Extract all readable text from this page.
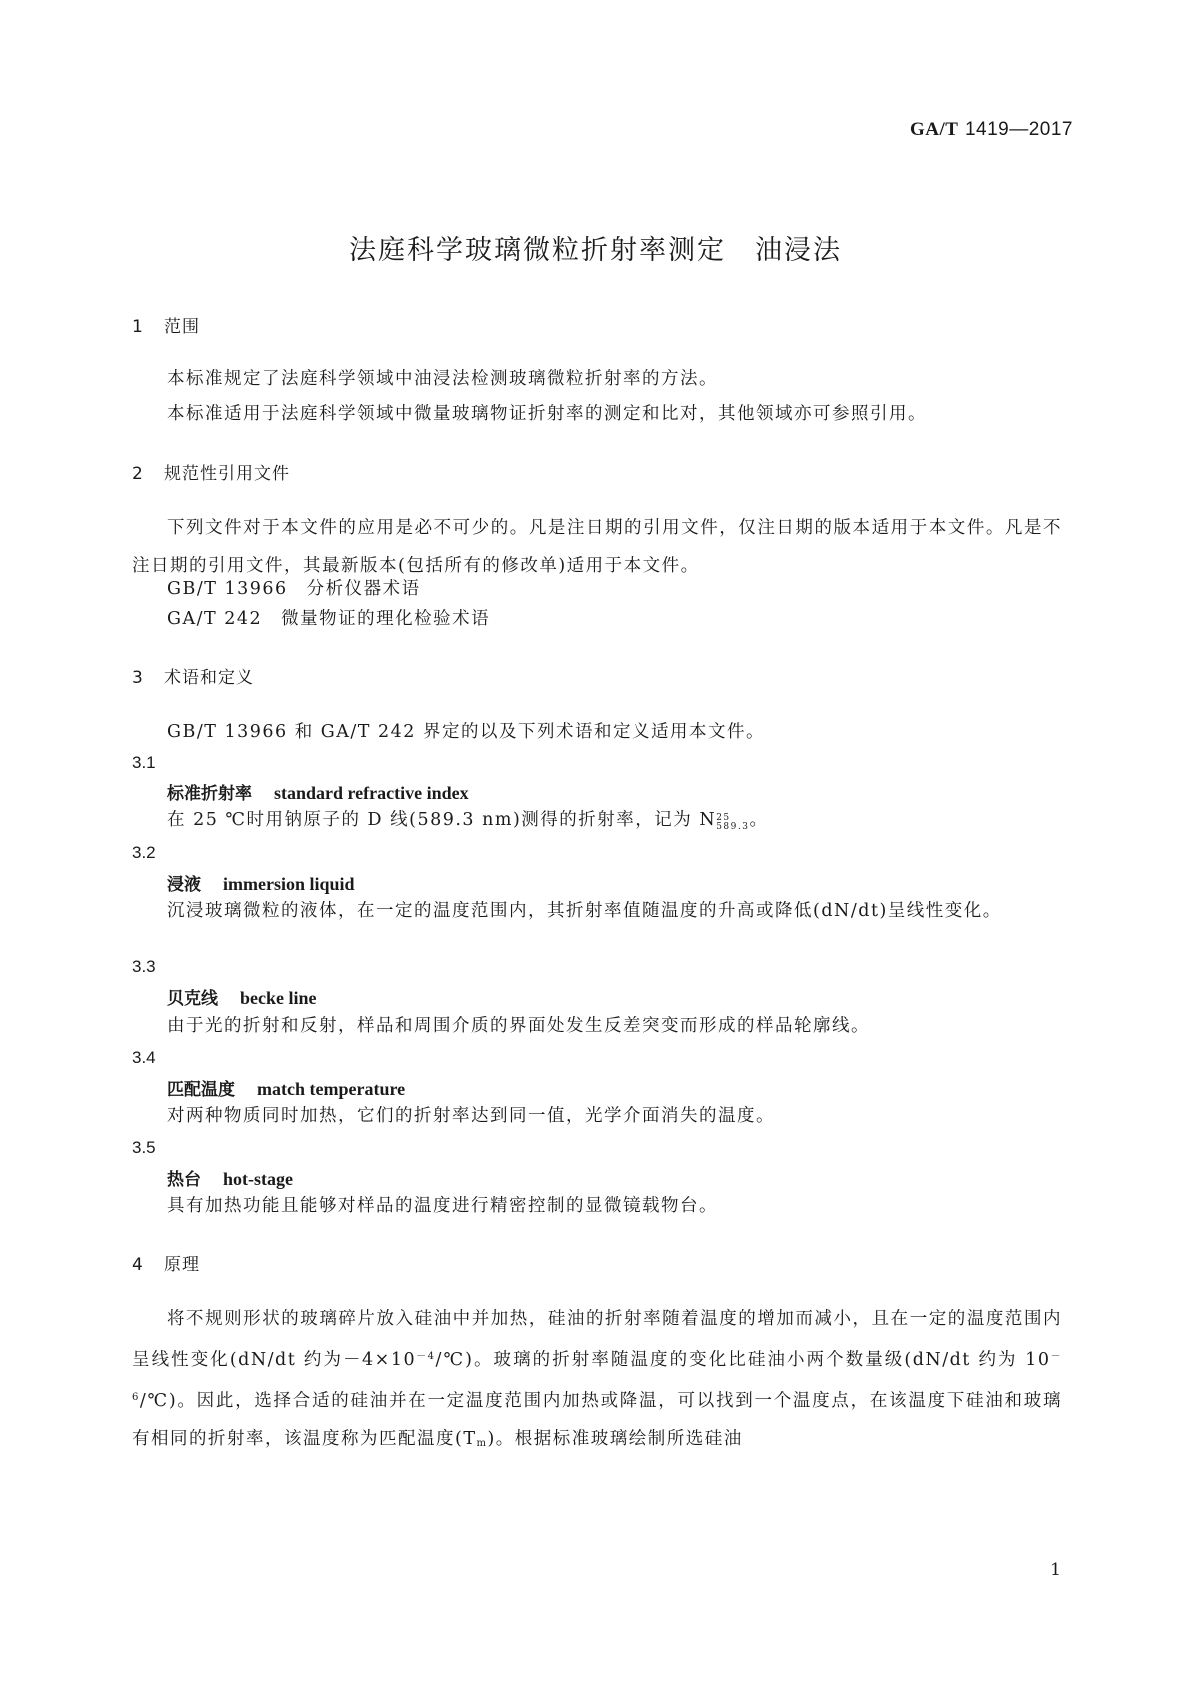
GA/T 1419—2017
法庭科学玻璃微粒折射率测定　油浸法
1 范围
本标准规定了法庭科学领域中油浸法检测玻璃微粒折射率的方法。
本标准适用于法庭科学领域中微量玻璃物证折射率的测定和比对，其他领域亦可参照引用。
2 规范性引用文件
下列文件对于本文件的应用是必不可少的。凡是注日期的引用文件，仅注日期的版本适用于本文件。凡是不注日期的引用文件，其最新版本(包括所有的修改单)适用于本文件。
GB/T 13966  分析仪器术语
GA/T 242  微量物证的理化检验术语
3 术语和定义
GB/T 13966 和 GA/T 242 界定的以及下列术语和定义适用本文件。
3.1
标准折射率 standard refractive index
在 25 ℃时用钠原子的 D 线(589.3 nm)测得的折射率，记为 N25
589.3。
3.2
浸液 immersion liquid
沉浸玻璃微粒的液体，在一定的温度范围内，其折射率值随温度的升高或降低(dN/dt)呈线性变化。
3.3
贝克线 becke line
由于光的折射和反射，样品和周围介质的界面处发生反差突变而形成的样品轮廓线。
3.4
匹配温度 match temperature
对两种物质同时加热，它们的折射率达到同一值，光学介面消失的温度。
3.5
热台 hot-stage
具有加热功能且能够对样品的温度进行精密控制的显微镜载物台。
4 原理
将不规则形状的玻璃碎片放入硅油中并加热，硅油的折射率随着温度的增加而减小，且在一定的温度范围内呈线性变化(dN/dt 约为$-4\times 10^{-4}/℃$)。玻璃的折射率随温度的变化比硅油小两个数量级(dN/dt 约为 $10^{-6}/℃$)。因此，选择合适的硅油并在一定温度范围内加热或降温，可以找到一个温度点，在该温度下硅油和玻璃有相同的折射率，该温度称为匹配温度$(T_m)$。根据标准玻璃绘制所选硅油
1
